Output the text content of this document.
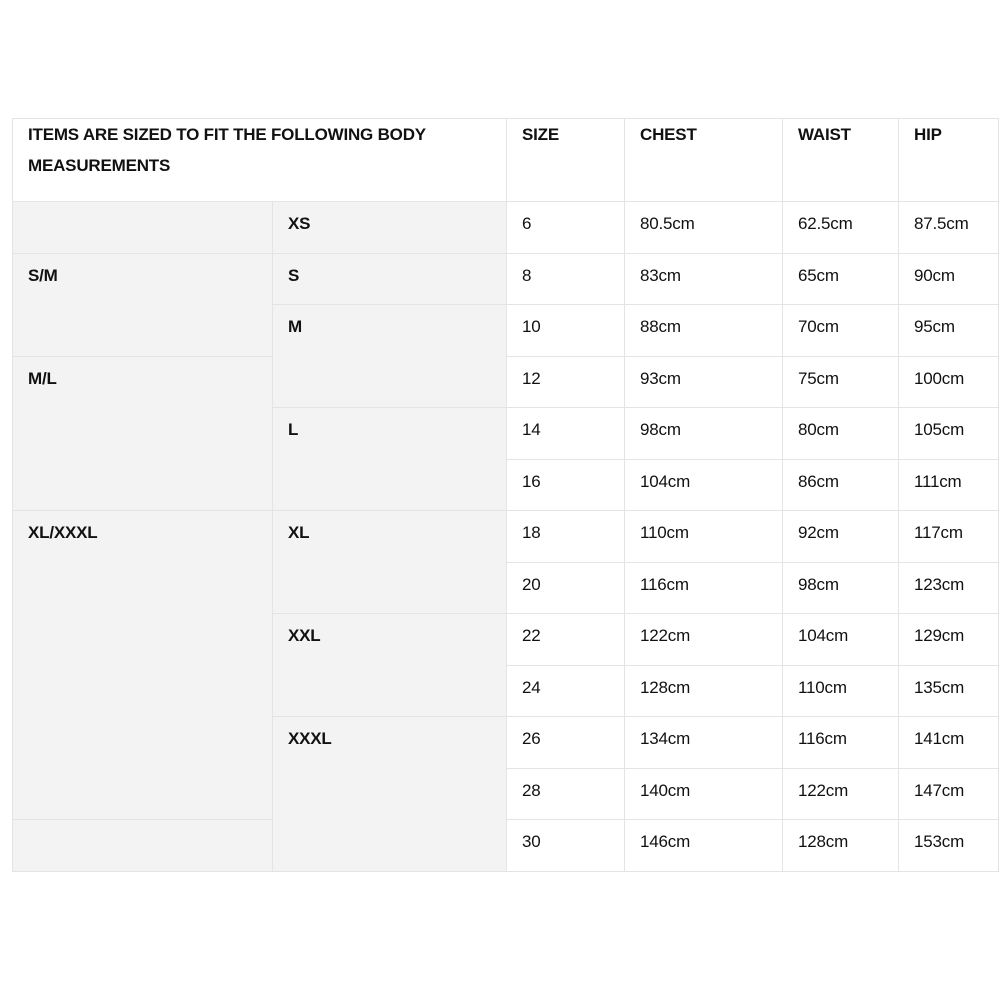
ITEMS ARE SIZED TO FIT THE FOLLOWING BODY MEASUREMENTS		SIZE	CHEST	WAIST	HIP

	XS	6	80.5cm	62.5cm	87.5cm
S/M	S	8	83cm	65cm	90cm
	M	10	88cm	70cm	95cm
M/L		12	93cm	75cm	100cm
	L	14	98cm	80cm	105cm
		16	104cm	86cm	111cm
XL/XXXL	XL	18	110cm	92cm	117cm
		20	116cm	98cm	123cm
	XXL	22	122cm	104cm	129cm
		24	128cm	110cm	135cm
	XXXL	26	134cm	116cm	141cm
		28	140cm	122cm	147cm
		30	146cm	128cm	153cm
